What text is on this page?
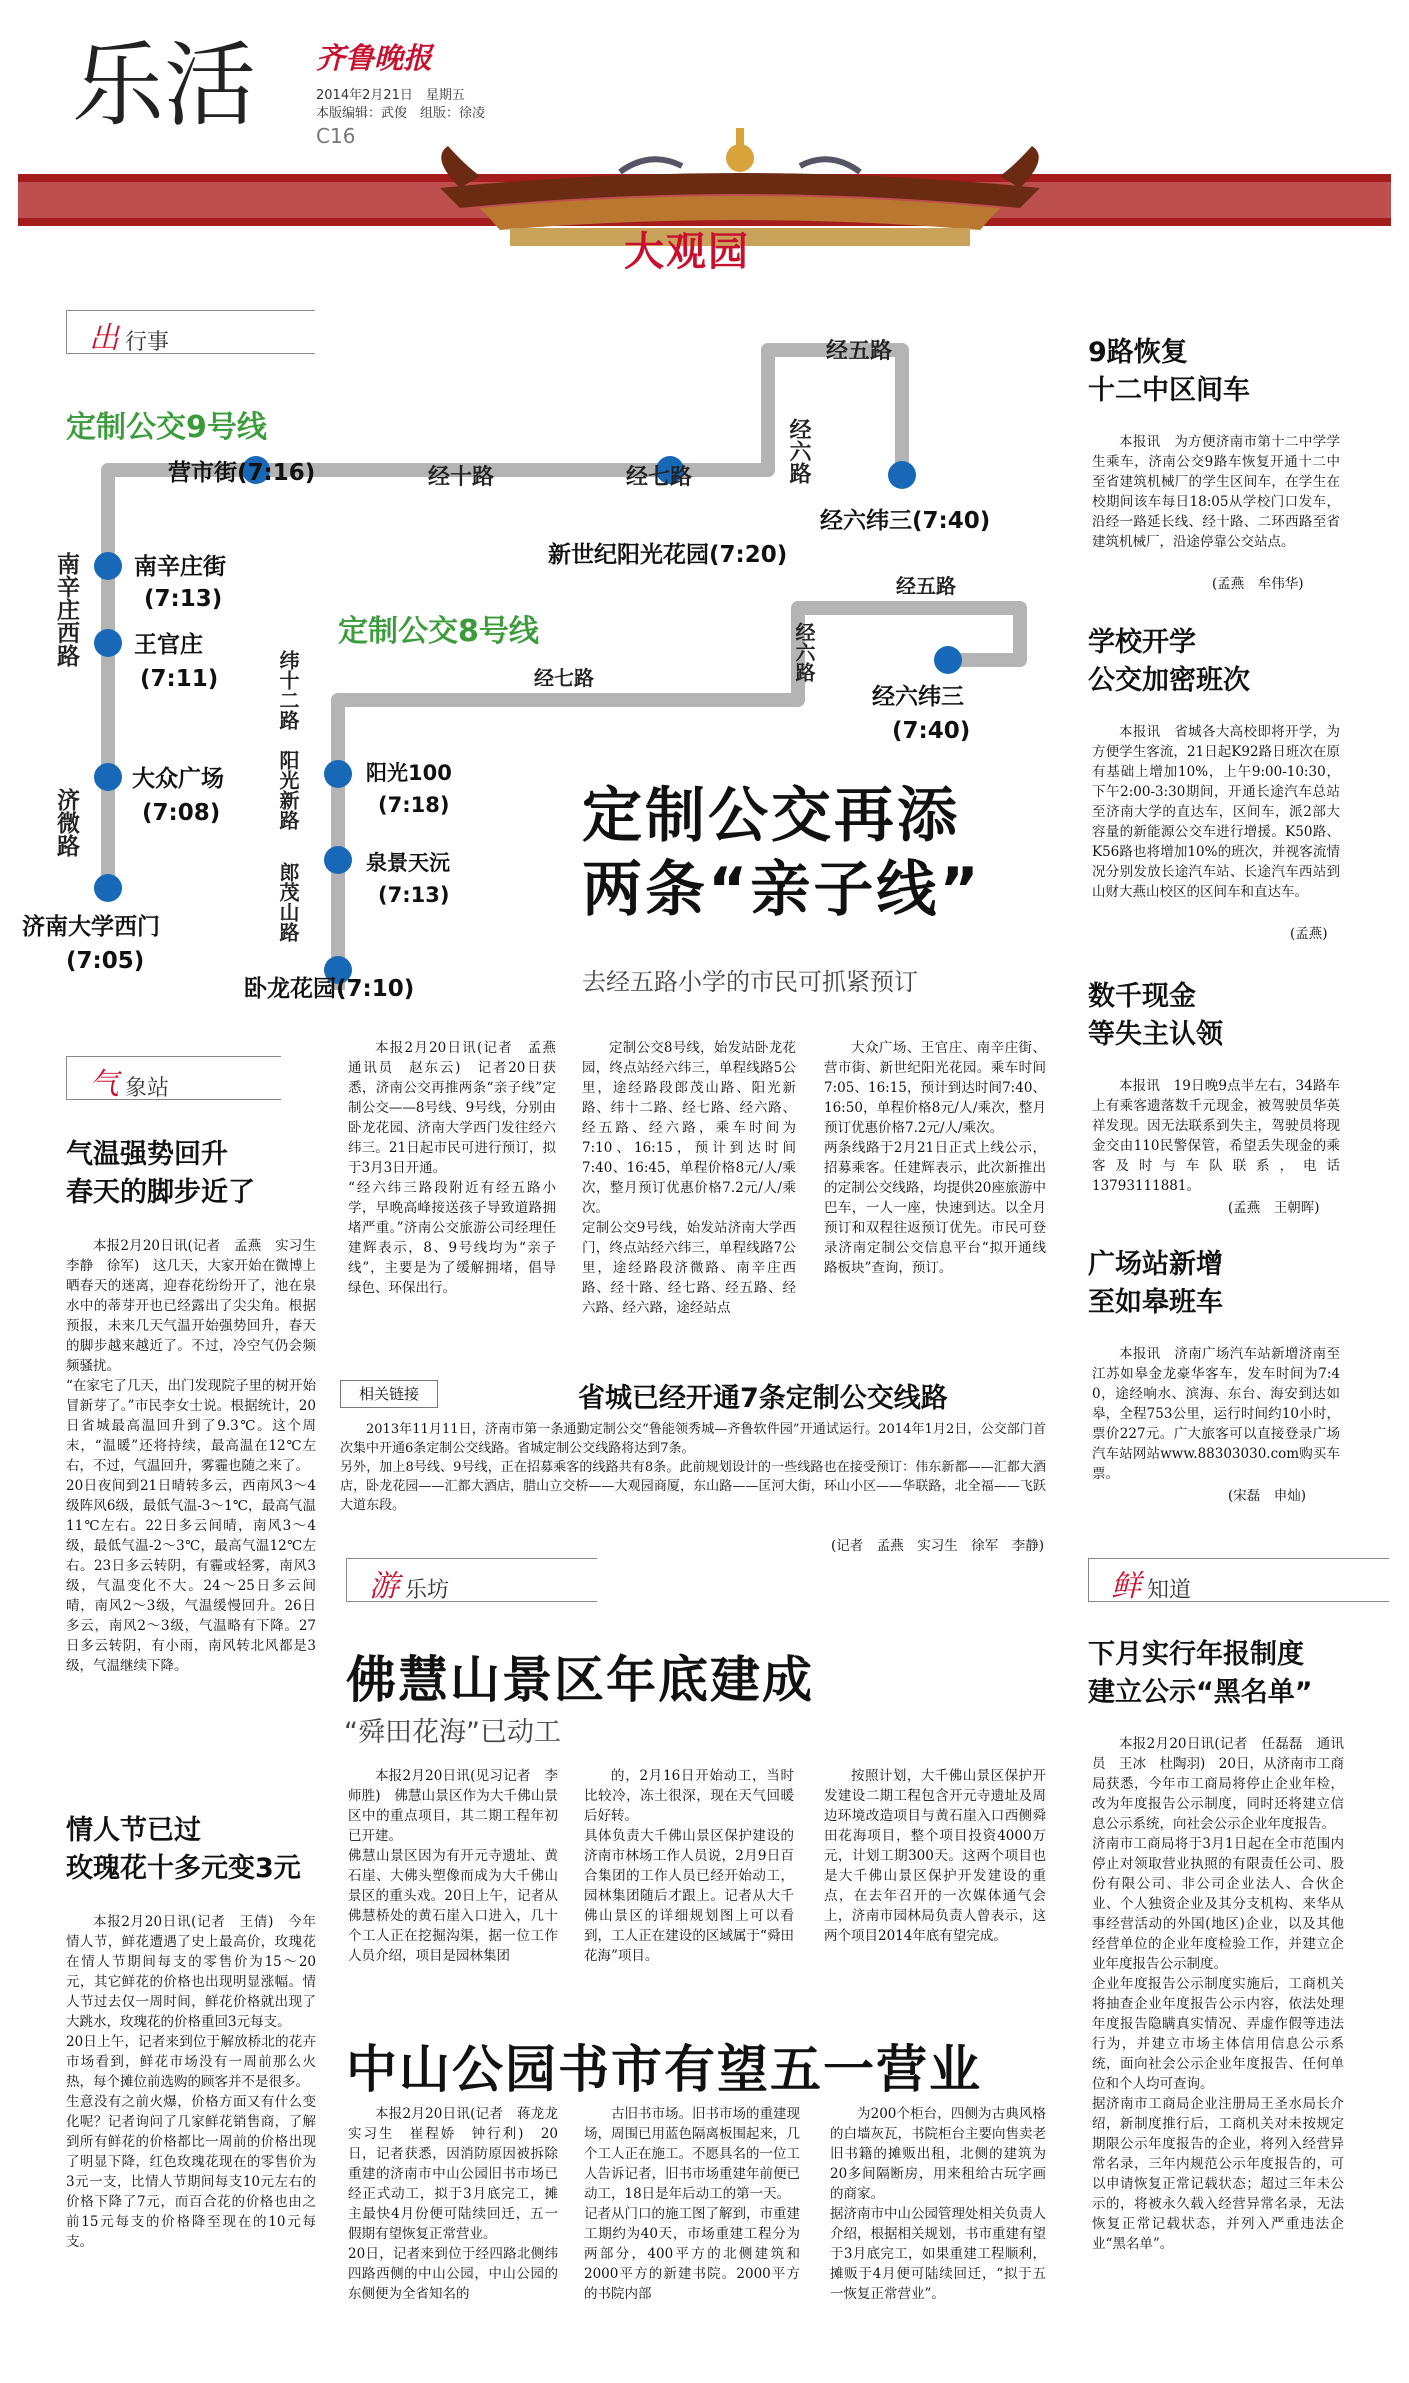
乐活 齐鲁晚报
2014年2月21日　星期五
本版编辑：武俊　组版：徐凌
C16
大观园
出 行事
定制公交9号线
定制公交8号线
营市街(7:16)	经十路	经七路
新世纪阳光花园(7:20)
经五路
经六路
经六纬三(7:40)
南辛庄街
(7:13)
王官庄
(7:11)
大众广场
(7:08)
济南大学西门
(7:05)
南辛庄西路
济微路
经五路
经六路
经六纬三
(7:40)
经七路
纬十二路
阳光新路
郎茂山路
阳光100
(7:18)
泉景天沅
(7:13)
卧龙花园(7:10)
定制公交再添
两条“亲子线”
去经五路小学的市民可抓紧预订

本报2月20日讯(记者　孟燕　通讯员　赵东云)　记者20日获悉，济南公交再推两条“亲子线”定制公交——8号线、9号线，分别由卧龙花园、济南大学西门发往经六纬三。21日起市民可进行预订，拟于3月3日开通。
“经六纬三路段附近有经五路小学，早晚高峰接送孩子导致道路拥堵严重。”济南公交旅游公司经理任建辉表示，8、9号线均为“亲子线”，主要是为了缓解拥堵，倡导绿色、环保出行。

定制公交8号线，始发站卧龙花园，终点站经六纬三，单程线路5公里，途经路段郎茂山路、阳光新路、纬十二路、经七路、经六路、经五路、经六路，乘车时间为7:10、16:15，预计到达时间7:40、16:45，单程价格8元/人/乘次，整月预订优惠价格7.2元/人/乘次。
定制公交9号线，始发站济南大学西门，终点站经六纬三，单程线路7公里，途经路段济微路、南辛庄西路、经十路、经七路、经五路、经六路、经六路，途经站点

大众广场、王官庄、南辛庄街、营市街、新世纪阳光花园。乘车时间7:05、16:15，预计到达时间7:40、16:50，单程价格8元/人/乘次，整月预订优惠价格7.2元/人/乘次。
两条线路于2月21日正式上线公示，招募乘客。任建辉表示，此次新推出的定制公交线路，均提供20座旅游中巴车，一人一座，快速到达。以全月预订和双程往返预订优先。市民可登录济南定制公交信息平台“拟开通线路板块”查询，预订。

相关链接	省城已经开通7条定制公交线路

2013年11月11日，济南市第一条通勤定制公交“鲁能领秀城—齐鲁软件园”开通试运行。2014年1月2日，公交部门首次集中开通6条定制公交线路。省城定制公交线路将达到7条。
另外，加上8号线、9号线，正在招募乘客的线路共有8条。此前规划设计的一些线路也在接受预订：伟东新都——汇都大酒店，卧龙花园——汇都大酒店，腊山立交桥——大观园商厦，东山路——匡河大街，环山小区——华联路，北全福——飞跃大道东段。

(记者　孟燕　实习生　徐军　李静)
气 象站
气温强势回升
春天的脚步近了

本报2月20日讯(记者　孟燕　实习生　李静　徐军)　这几天，大家开始在微博上晒春天的迷离，迎春花纷纷开了，池在泉水中的蒂芽开也已经露出了尖尖角。根据预报，未来几天气温开始强势回升，春天的脚步越来越近了。不过，冷空气仍会频频骚扰。
“在家宅了几天，出门发现院子里的树开始冒新芽了。”市民李女士说。根据统计，20日省城最高温回升到了9.3℃。这个周末，“温暖”还将持续，最高温在12℃左右，不过，气温回升，雾霾也随之来了。
20日夜间到21日晴转多云，西南风3～4级阵风6级，最低气温-3～1℃，最高气温11℃左右。22日多云间晴，南风3～4级，最低气温-2～3℃，最高气温12℃左右。23日多云转阴，有霾或轻雾，南风3级，气温变化不大。24～25日多云间晴，南风2～3级，气温缓慢回升。26日多云，南风2～3级，气温略有下降。27日多云转阴，有小雨，南风转北风都是3级，气温继续下降。

情人节已过
玫瑰花十多元变3元

本报2月20日讯(记者　王倩)　今年情人节，鲜花遭遇了史上最高价，玫瑰花在情人节期间每支的零售价为15～20元，其它鲜花的价格也出现明显涨幅。情人节过去仅一周时间，鲜花价格就出现了大跳水，玫瑰花的价格重回3元每支。
20日上午，记者来到位于解放桥北的花卉市场看到，鲜花市场没有一周前那么火热，每个摊位前选购的顾客并不是很多。
生意没有之前火爆，价格方面又有什么变化呢？记者询问了几家鲜花销售商，了解到所有鲜花的价格都比一周前的价格出现了明显下降，红色玫瑰花现在的零售价为3元一支，比情人节期间每支10元左右的价格下降了7元，而百合花的价格也由之前15元每支的价格降至现在的10元每支。

9路恢复
十二中区间车

本报讯　为方便济南市第十二中学学生乘车，济南公交9路车恢复开通十二中至省建筑机械厂的学生区间车，在学生在校期间该车每日18:05从学校门口发车，沿经一路延长线、经十路、二环西路至省建筑机械厂，沿途停靠公交站点。

(孟燕　牟伟华)
学校开学
公交加密班次

本报讯　省城各大高校即将开学，为方便学生客流，21日起K92路日班次在原有基础上增加10%，上午9:00-10:30，下午2:00-3:30期间，开通长途汽车总站至济南大学的直达车，区间车，派2部大容量的新能源公交车进行增援。K50路、K56路也将增加10%的班次，并视客流情况分别发放长途汽车站、长途汽车西站到山财大燕山校区的区间车和直达车。

(孟燕)
数千现金
等失主认领

本报讯　19日晚9点半左右，34路车上有乘客遗落数千元现金，被驾驶员华英祥发现。因无法联系到失主，驾驶员将现金交由110民警保管，希望丢失现金的乘客及时与车队联系，电话13793111881。

(孟燕　王朝晖)
广场站新增
至如皋班车

本报讯　济南广场汽车站新增济南至江苏如皋金龙豪华客车，发车时间为7:40，途经响水、滨海、东台、海安到达如皋，全程753公里，运行时间约10小时，票价227元。广大旅客可以直接登录广场汽车站网站www.88303030.com购买车票。

(宋磊　申灿)
鲜 知道
下月实行年报制度
建立公示“黑名单”

本报2月20日讯(记者　任磊磊　通讯员　王冰　杜陶羽)　20日，从济南市工商局获悉，今年市工商局将停止企业年检，改为年度报告公示制度，同时还将建立信息公示系统，向社会公示企业年度报告。
济南市工商局将于3月1日起在全市范围内停止对领取营业执照的有限责任公司、股份有限公司、非公司企业法人、合伙企业、个人独资企业及其分支机构、来华从事经营活动的外国(地区)企业，以及其他经营单位的企业年度检验工作，并建立企业年度报告公示制度。
企业年度报告公示制度实施后，工商机关将抽查企业年度报告公示内容，依法处理年度报告隐瞒真实情况、弄虚作假等违法行为，并建立市场主体信用信息公示系统，面向社会公示企业年度报告、任何单位和个人均可查询。
据济南市工商局企业注册局王圣水局长介绍，新制度推行后，工商机关对未按规定期限公示年度报告的企业，将列入经营异常名录，三年内规范公示年度报告的，可以申请恢复正常记载状态；超过三年未公示的，将被永久载入经营异常名录，无法恢复正常记载状态，并列入严重违法企业“黑名单”。

游 乐坊
佛慧山景区年底建成
“舜田花海”已动工

本报2月20日讯(见习记者　李师胜)　佛慧山景区作为大千佛山景区中的重点项目，其二期工程年初已开建。
佛慧山景区因为有开元寺遗址、黄石崖、大佛头塑像而成为大千佛山景区的重头戏。20日上午，记者从佛慧桥处的黄石崖入口进入，几十个工人正在挖掘沟渠，据一位工作人员介绍，项目是园林集团

的，2月16日开始动工，当时比较冷，冻土很深，现在天气回暖后好转。
具体负责大千佛山景区保护建设的济南市林场工作人员说，2月9日百合集团的工作人员已经开始动工，园林集团随后才跟上。记者从大千佛山景区的详细规划图上可以看到，工人正在建设的区域属于“舜田花海”项目。

按照计划，大千佛山景区保护开发建设二期工程包含开元寺遗址及周边环境改造项目与黄石崖入口西侧舜田花海项目，整个项目投资4000万元，计划工期300天。这两个项目也是大千佛山景区保护开发建设的重点，在去年召开的一次媒体通气会上，济南市园林局负责人曾表示，这两个项目2014年底有望完成。

中山公园书市有望五一营业

本报2月20日讯(记者　蒋龙龙　实习生　崔程娇　钟行利)　20日，记者获悉，因消防原因被拆除重建的济南市中山公园旧书市场已经正式动工，拟于3月底完工，摊主最快4月份便可陆续回迁，五一假期有望恢复正常营业。
20日，记者来到位于经四路北侧纬四路西侧的中山公园，中山公园的东侧便为全省知名的

古旧书市场。旧书市场的重建现场，周围已用蓝色隔离板围起来，几个工人正在施工。不愿具名的一位工人告诉记者，旧书市场重建年前便已动工，18日是年后动工的第一天。
记者从门口的施工图了解到，市重建工期约为40天，市场重建工程分为两部分，400平方的北侧建筑和2000平方的新建书院。2000平方的书院内部

为200个柜台，四侧为古典风格的白墙灰瓦，书院柜台主要向售卖老旧书籍的摊贩出租，北侧的建筑为20多间隔断房，用来租给古玩字画的商家。
据济南市中山公园管理处相关负责人介绍，根据相关规划，书市重建有望于3月底完工，如果重建工程顺利，摊贩于4月便可陆续回迁，“拟于五一恢复正常营业”。
